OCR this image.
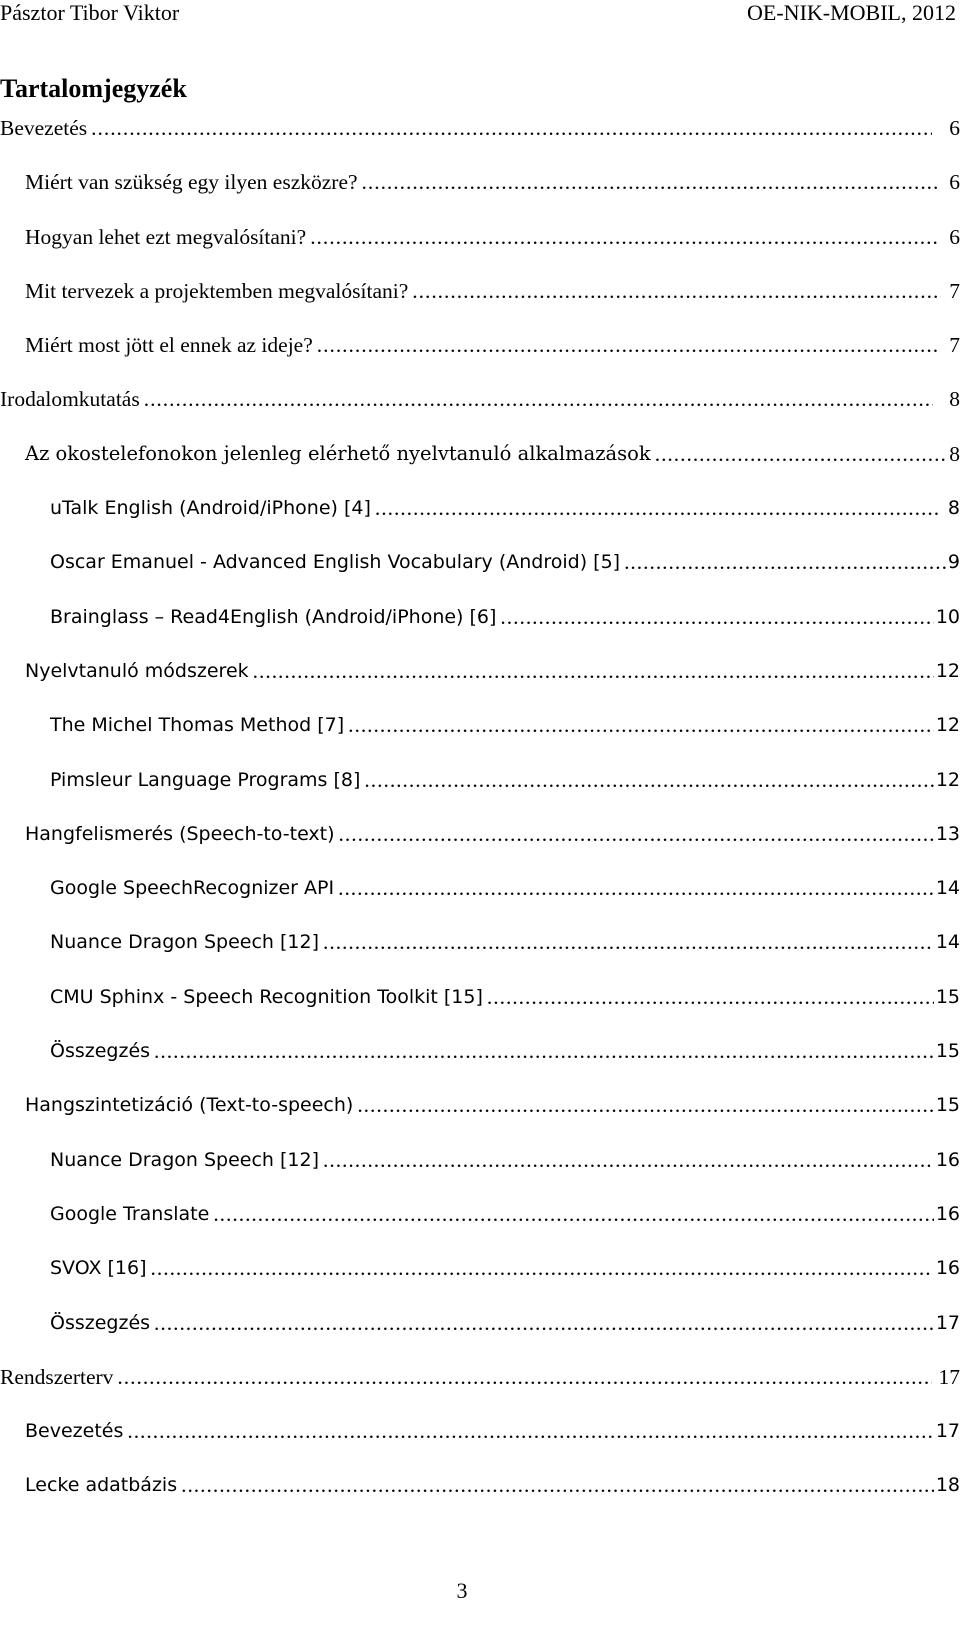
Pásztor Tibor Viktor	OE-NIK-MOBIL, 2012
Tartalomjegyzék
Bevezetés . . .	6
Miért van szükség egy ilyen eszközre? . . .	6
Hogyan lehet ezt megvalósítani? . . .	6
Mit tervezek a projektemben megvalósítani? . . .	7
Miért most jött el ennek az ideje? . . .	7
Irodalomkutatás . . .	8
Az okostelefonokon jelenleg elérhető nyelvtanuló alkalmazások . . .	8
uTalk English (Android/iPhone) [4] . . .	8
Oscar Emanuel - Advanced English Vocabulary (Android) [5] . . .	9
Brainglass – Read4English (Android/iPhone) [6] . . .	10
Nyelvtanuló módszerek . . .	12
The Michel Thomas Method [7] . . .	12
Pimsleur Language Programs [8] . . .	12
Hangfelismerés (Speech-to-text) . . .	13
Google SpeechRecognizer API . . .	14
Nuance Dragon Speech [12] . . .	14
CMU Sphinx - Speech Recognition Toolkit [15] . . .	15
Összegzés . . .	15
Hangszintetizáció (Text-to-speech) . . .	15
Nuance Dragon Speech [12] . . .	16
Google Translate . . .	16
SVOX [16] . . .	16
Összegzés . . .	17
Rendszerterv . . .	17
Bevezetés . . .	17
Lecke adatbázis . . .	18
3
